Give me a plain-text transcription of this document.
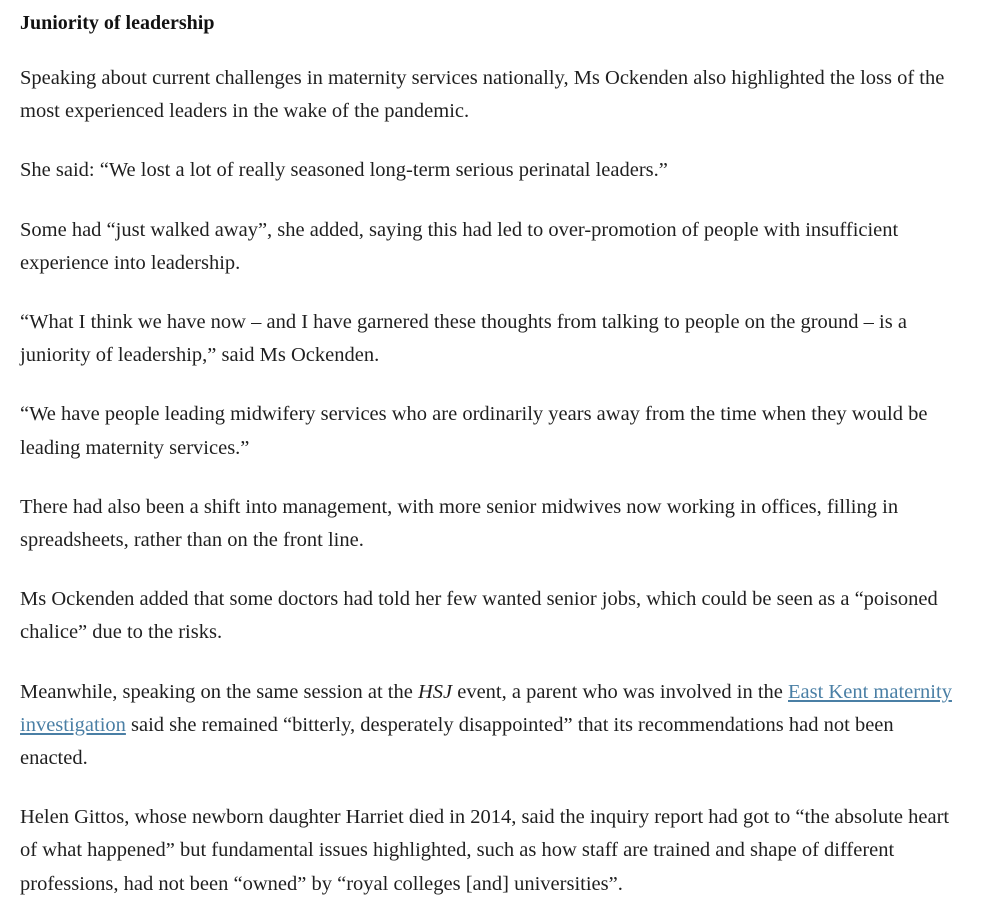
Juniority of leadership

Speaking about current challenges in maternity services nationally, Ms Ockenden also highlighted the loss of the most experienced leaders in the wake of the pandemic.

She said: “We lost a lot of really seasoned long-term serious perinatal leaders.”

Some had “just walked away”, she added, saying this had led to over-promotion of people with insufficient experience into leadership.

“What I think we have now – and I have garnered these thoughts from talking to people on the ground – is a juniority of leadership,” said Ms Ockenden.

“We have people leading midwifery services who are ordinarily years away from the time when they would be leading maternity services.”

There had also been a shift into management, with more senior midwives now working in offices, filling in spreadsheets, rather than on the front line.

Ms Ockenden added that some doctors had told her few wanted senior jobs, which could be seen as a “poisoned chalice” due to the risks.

Meanwhile, speaking on the same session at the HSJ event, a parent who was involved in the East Kent maternity investigation said she remained “bitterly, desperately disappointed” that its recommendations had not been enacted.

Helen Gittos, whose newborn daughter Harriet died in 2014, said the inquiry report had got to “the absolute heart of what happened” but fundamental issues highlighted, such as how staff are trained and shape of different professions, had not been “owned” by “royal colleges [and] universities”.
